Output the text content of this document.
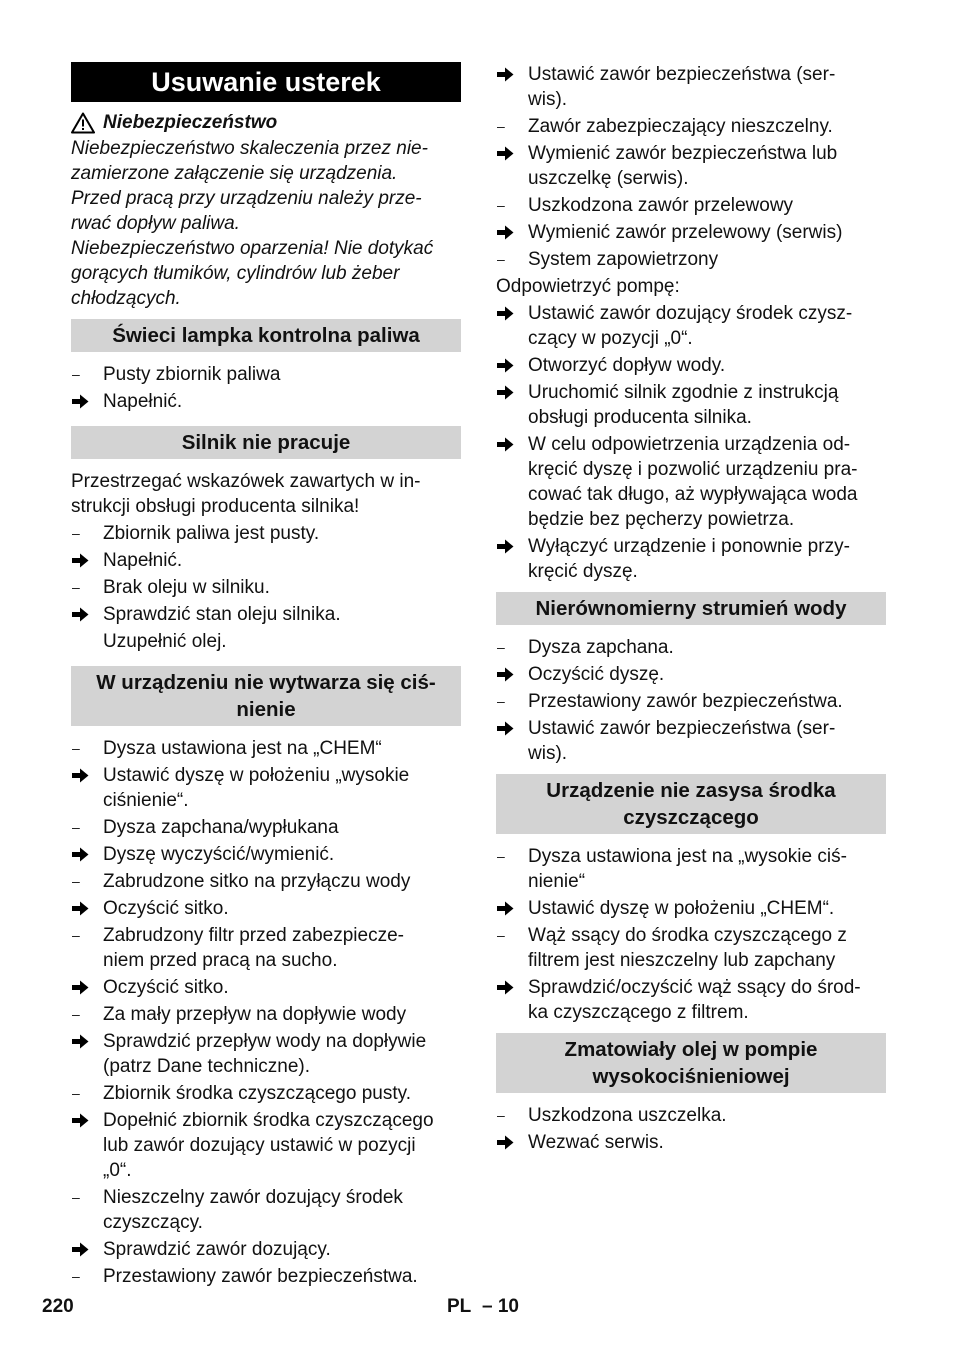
Usuwanie usterek
Niebezpieczeństwo
Niebezpieczeństwo skaleczenia przez nie-
zamierzone załączenie się urządzenia.
Przed pracą przy urządzeniu należy prze-
rwać dopływ paliwa.
Niebezpieczeństwo oparzenia! Nie dotykać
gorących tłumików, cylindrów lub żeber
chłodzących.
Świeci lampka kontrolna paliwa
– Pusty zbiornik paliwa
Napełnić.
Silnik nie pracuje
Przestrzegać wskazówek zawartych w in-
strukcji obsługi producenta silnika!
– Zbiornik paliwa jest pusty.
Napełnić.
– Brak oleju w silniku.
Sprawdzić stan oleju silnika.
Uzupełnić olej.
W urządzeniu nie wytwarza się ciś-
nienie
– Dysza ustawiona jest na „CHEM“
Ustawić dyszę w położeniu „wysokie
ciśnienie“.
– Dysza zapchana/wypłukana
Dyszę wyczyścić/wymienić.
– Zabrudzone sitko na przyłączu wody
Oczyścić sitko.
– Zabrudzony filtr przed zabezpiecze-
niem przed pracą na sucho.
Oczyścić sitko.
– Za mały przepływ na dopływie wody
Sprawdzić przepływ wody na dopływie
(patrz Dane techniczne).
– Zbiornik środka czyszczącego pusty.
Dopełnić zbiornik środka czyszczącego
lub zawór dozujący ustawić w pozycji
„0“.
– Nieszczelny zawór dozujący środek
czyszczący.
Sprawdzić zawór dozujący.
– Przestawiony zawór bezpieczeństwa.
Ustawić zawór bezpieczeństwa (ser-
wis).
– Zawór zabezpieczający nieszczelny.
Wymienić zawór bezpieczeństwa lub
uszczelkę (serwis).
– Uszkodzona zawór przelewowy
Wymienić zawór przelewowy (serwis)
– System zapowietrzony
Odpowietrzyć pompę:
Ustawić zawór dozujący środek czysz-
czący w pozycji „0“.
Otworzyć dopływ wody.
Uruchomić silnik zgodnie z instrukcją
obsługi producenta silnika.
W celu odpowietrzenia urządzenia od-
kręcić dyszę i pozwolić urządzeniu pra-
cować tak długo, aż wypływająca woda
będzie bez pęcherzy powietrza.
Wyłączyć urządzenie i ponownie przy-
kręcić dyszę.
Nierównomierny strumień wody
– Dysza zapchana.
Oczyścić dyszę.
– Przestawiony zawór bezpieczeństwa.
Ustawić zawór bezpieczeństwa (ser-
wis).
Urządzenie nie zasysa środka
czyszczącego
– Dysza ustawiona jest na „wysokie ciś-
nienie“
Ustawić dyszę w położeniu „CHEM“.
– Wąż ssący do środka czyszczącego z
filtrem jest nieszczelny lub zapchany
Sprawdzić/oczyścić wąż ssący do środ-
ka czyszczącego z filtrem.
Zmatowiały olej w pompie
wysokociśnieniowej
– Uszkodzona uszczelka.
Wezwać serwis.
220	PL – 10
